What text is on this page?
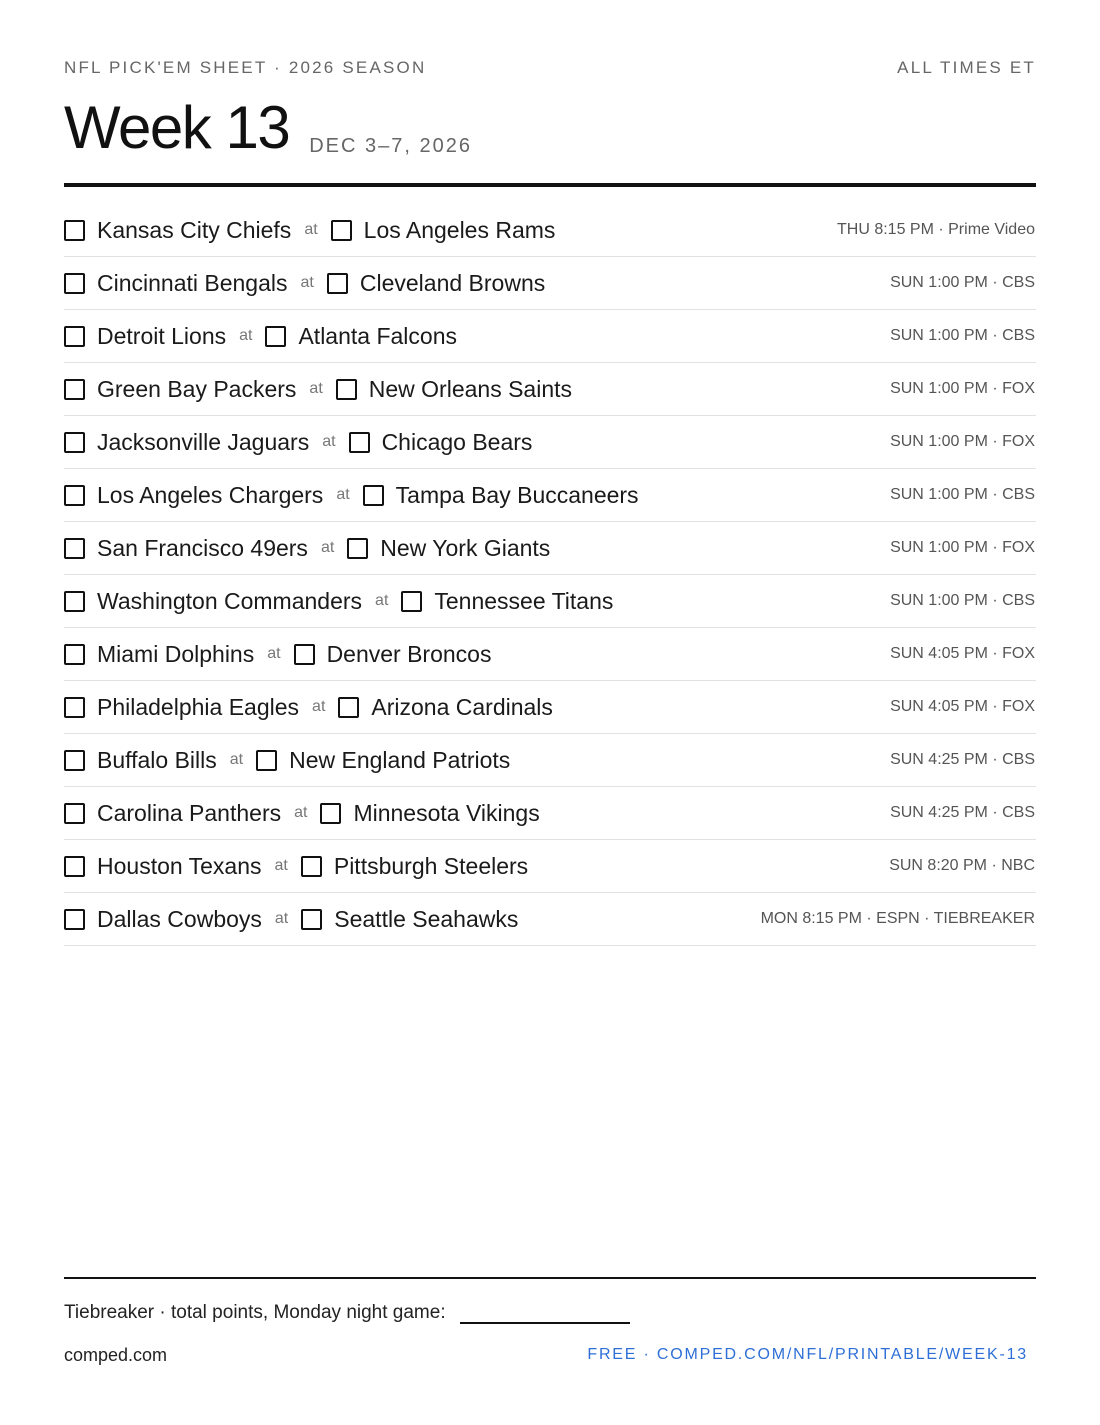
NFL PICK'EM SHEET · 2026 SEASON	ALL TIMES ET
Week 13 DEC 3–7, 2026
Kansas City Chiefs at Los Angeles Rams	THU 8:15 PM · Prime Video
Cincinnati Bengals at Cleveland Browns	SUN 1:00 PM · CBS
Detroit Lions at Atlanta Falcons	SUN 1:00 PM · CBS
Green Bay Packers at New Orleans Saints	SUN 1:00 PM · FOX
Jacksonville Jaguars at Chicago Bears	SUN 1:00 PM · FOX
Los Angeles Chargers at Tampa Bay Buccaneers	SUN 1:00 PM · CBS
San Francisco 49ers at New York Giants	SUN 1:00 PM · FOX
Washington Commanders at Tennessee Titans	SUN 1:00 PM · CBS
Miami Dolphins at Denver Broncos	SUN 4:05 PM · FOX
Philadelphia Eagles at Arizona Cardinals	SUN 4:05 PM · FOX
Buffalo Bills at New England Patriots	SUN 4:25 PM · CBS
Carolina Panthers at Minnesota Vikings	SUN 4:25 PM · CBS
Houston Texans at Pittsburgh Steelers	SUN 8:20 PM · NBC
Dallas Cowboys at Seattle Seahawks	MON 8:15 PM · ESPN · TIEBREAKER
Tiebreaker · total points, Monday night game:
comped.com	FREE · COMPED.COM/NFL/PRINTABLE/WEEK-13
